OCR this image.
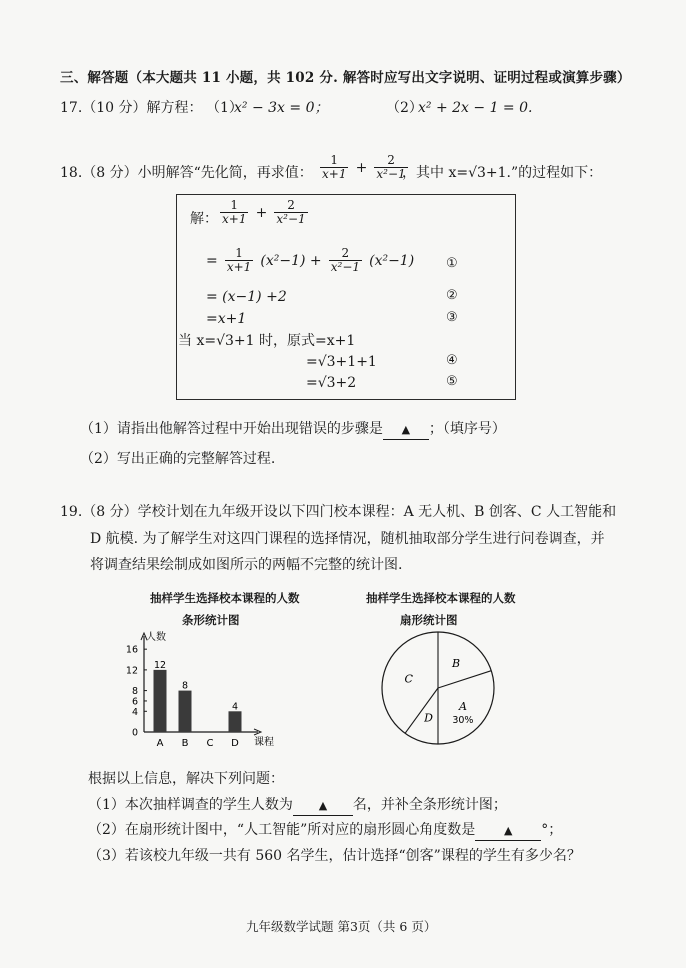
三、解答题（本大题共 11 小题，共 102 分. 解答时应写出文字说明、证明过程或演算步骤）
17.（10 分）解方程： （1）
x² − 3x = 0；	（2）
x² + 2x − 1 = 0.
18.（8 分）小明解答“先化简，再求值： $\frac{1}{x+1} + \frac{2}{\text{x²−1}}$
，其中 x=√3+1.”的过程如下：
解： $\frac{1}{x+1} + \frac{2}{\text{x²−1}}$
= $\frac{1}{x+1} (x^2-1) + \frac{2}{\text{x²−1}} (x^2-1)$ ①
= (x−1) +2	②
=x+1	③
当 x=√3+1 时，原式=x+1
=√3+1+1	④
=√3+2	⑤
（1）请指出他解答过程中开始出现错误的步骤是 ▲ ；（填序号）
（2）写出正确的完整解答过程.
19.（8 分）学校计划在九年级开设以下四门校本课程：A 无人机、B 创客、C 人工智能和
D 航模. 为了解学生对这四门课程的选择情况，随机抽取部分学生进行问卷调查，并
将调查结果绘制成如图所示的两幅不完整的统计图.
抽样学生选择校本课程的人数
条形统计图
人数
课程
0
4
6
8
12
16
A
12
B
8
C D
4
抽样学生选择校本课程的人数
扇形统计图
B
A
30%
D
C
根据以上信息，解决下列问题：
（1）本次抽样调查的学生人数为 ▲ 名，并补全条形统计图；
（2）在扇形统计图中，“人工智能”所对应的扇形圆心角度数是	▲ °；
（3）若该校九年级一共有 560 名学生，估计选择“创客”课程的学生有多少名？
九年级数学试题 第3页（共 6 页）
